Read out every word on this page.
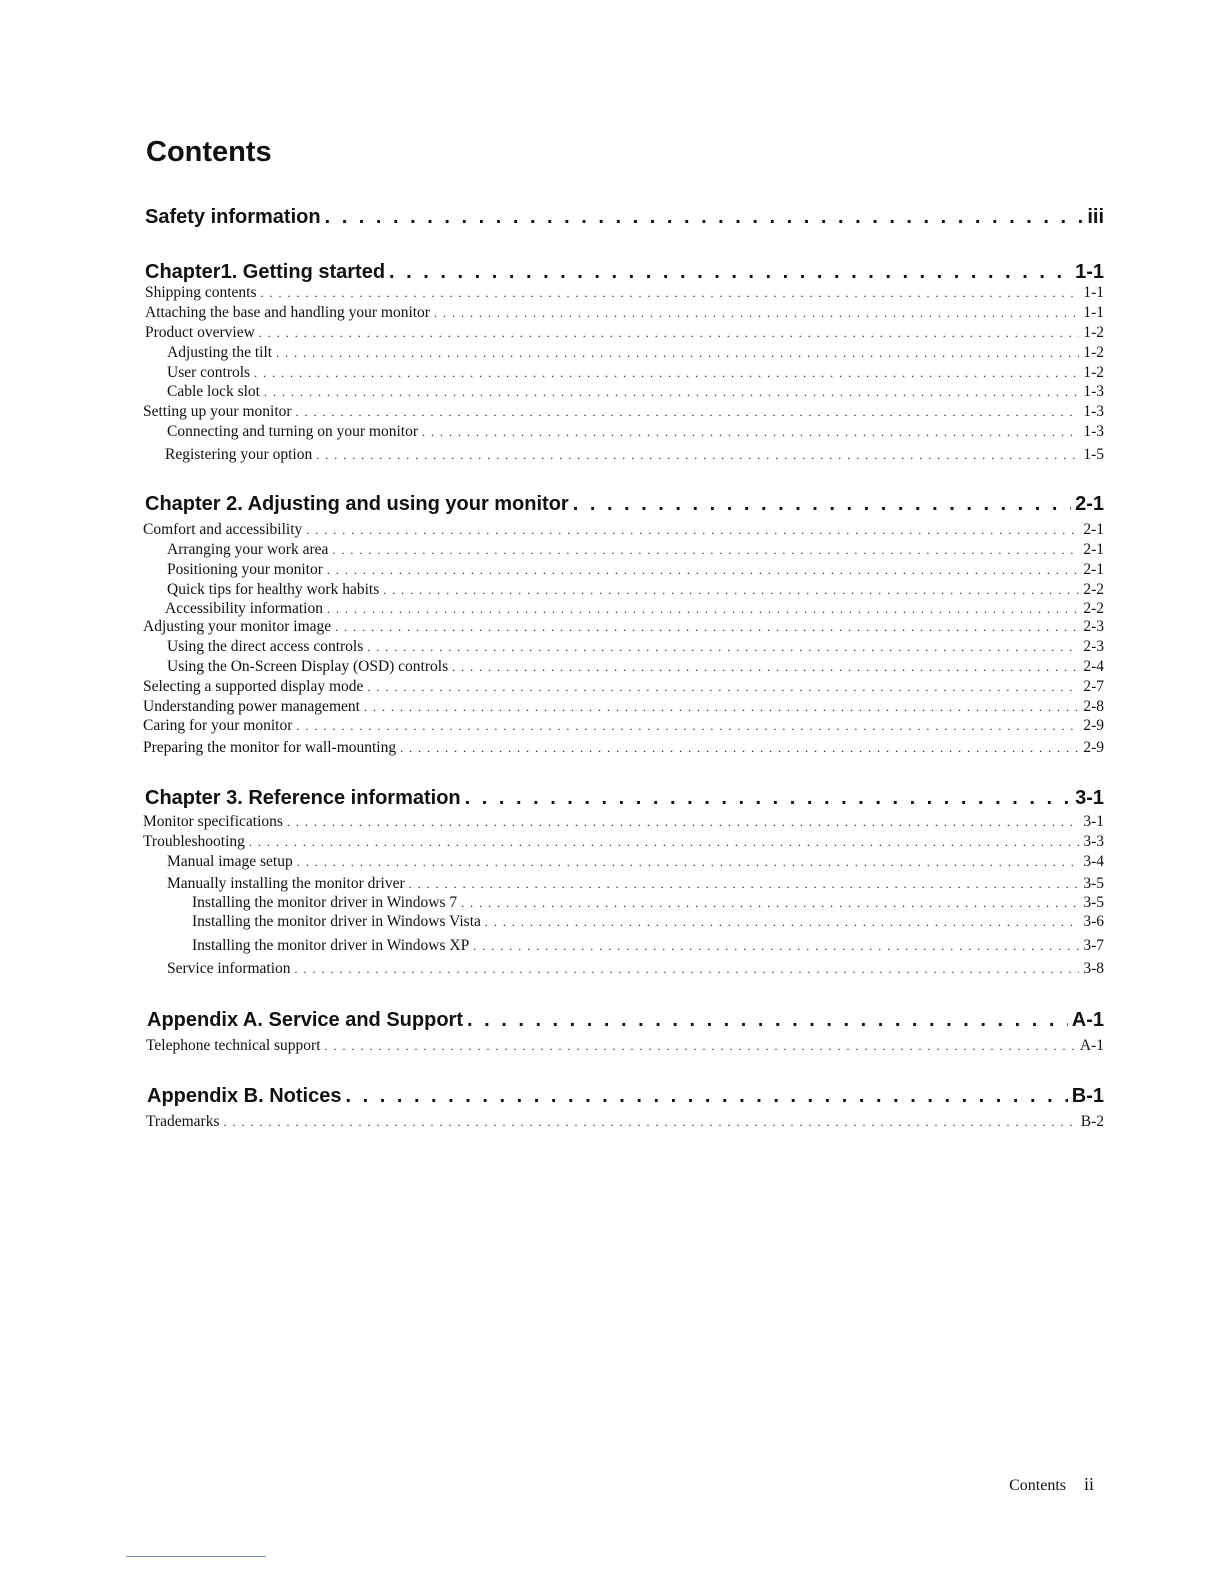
Contents
Safety information . . .	iii
Chapter1. Getting started . . .	1-1
Shipping contents . . .	1-1
Attaching the base and handling your monitor . . .	1-1
Product overview . . .	1-2
Adjusting the tilt . . .	1-2
User controls . . .	1-2
Cable lock slot . . .	1-3
Setting up your monitor . . .	1-3
Connecting and turning on your monitor . . .	1-3
Registering your option . . .	1-5
Chapter 2. Adjusting and using your monitor . . .	2-1
Comfort and accessibility . . .	2-1
Arranging your work area . . .	2-1
Positioning your monitor . . .	2-1
Quick tips for healthy work habits . . .	2-2
Accessibility information . . .	2-2
Adjusting your monitor image . . .	2-3
Using the direct access controls . . .	2-3
Using the On-Screen Display (OSD) controls . . .	2-4
Selecting a supported display mode . . .	2-7
Understanding power management . . .	2-8
Caring for your monitor . . .	2-9
Preparing the monitor for wall-mounting . . .	2-9
Chapter 3. Reference information . . .	3-1
Monitor specifications . . .	3-1
Troubleshooting . . .	3-3
Manual image setup . . .	3-4
Manually installing the monitor driver . . .	3-5
Installing the monitor driver in Windows 7 . . .	3-5
Installing the monitor driver in Windows Vista . . .	3-6
Installing the monitor driver in Windows XP . . .	3-7
Service information . . .	3-8
Appendix A. Service and Support . . .	A-1
Telephone technical support . . .	A-1
Appendix B. Notices . . .	B-1
Trademarks . . .	B-2
Contents ii
